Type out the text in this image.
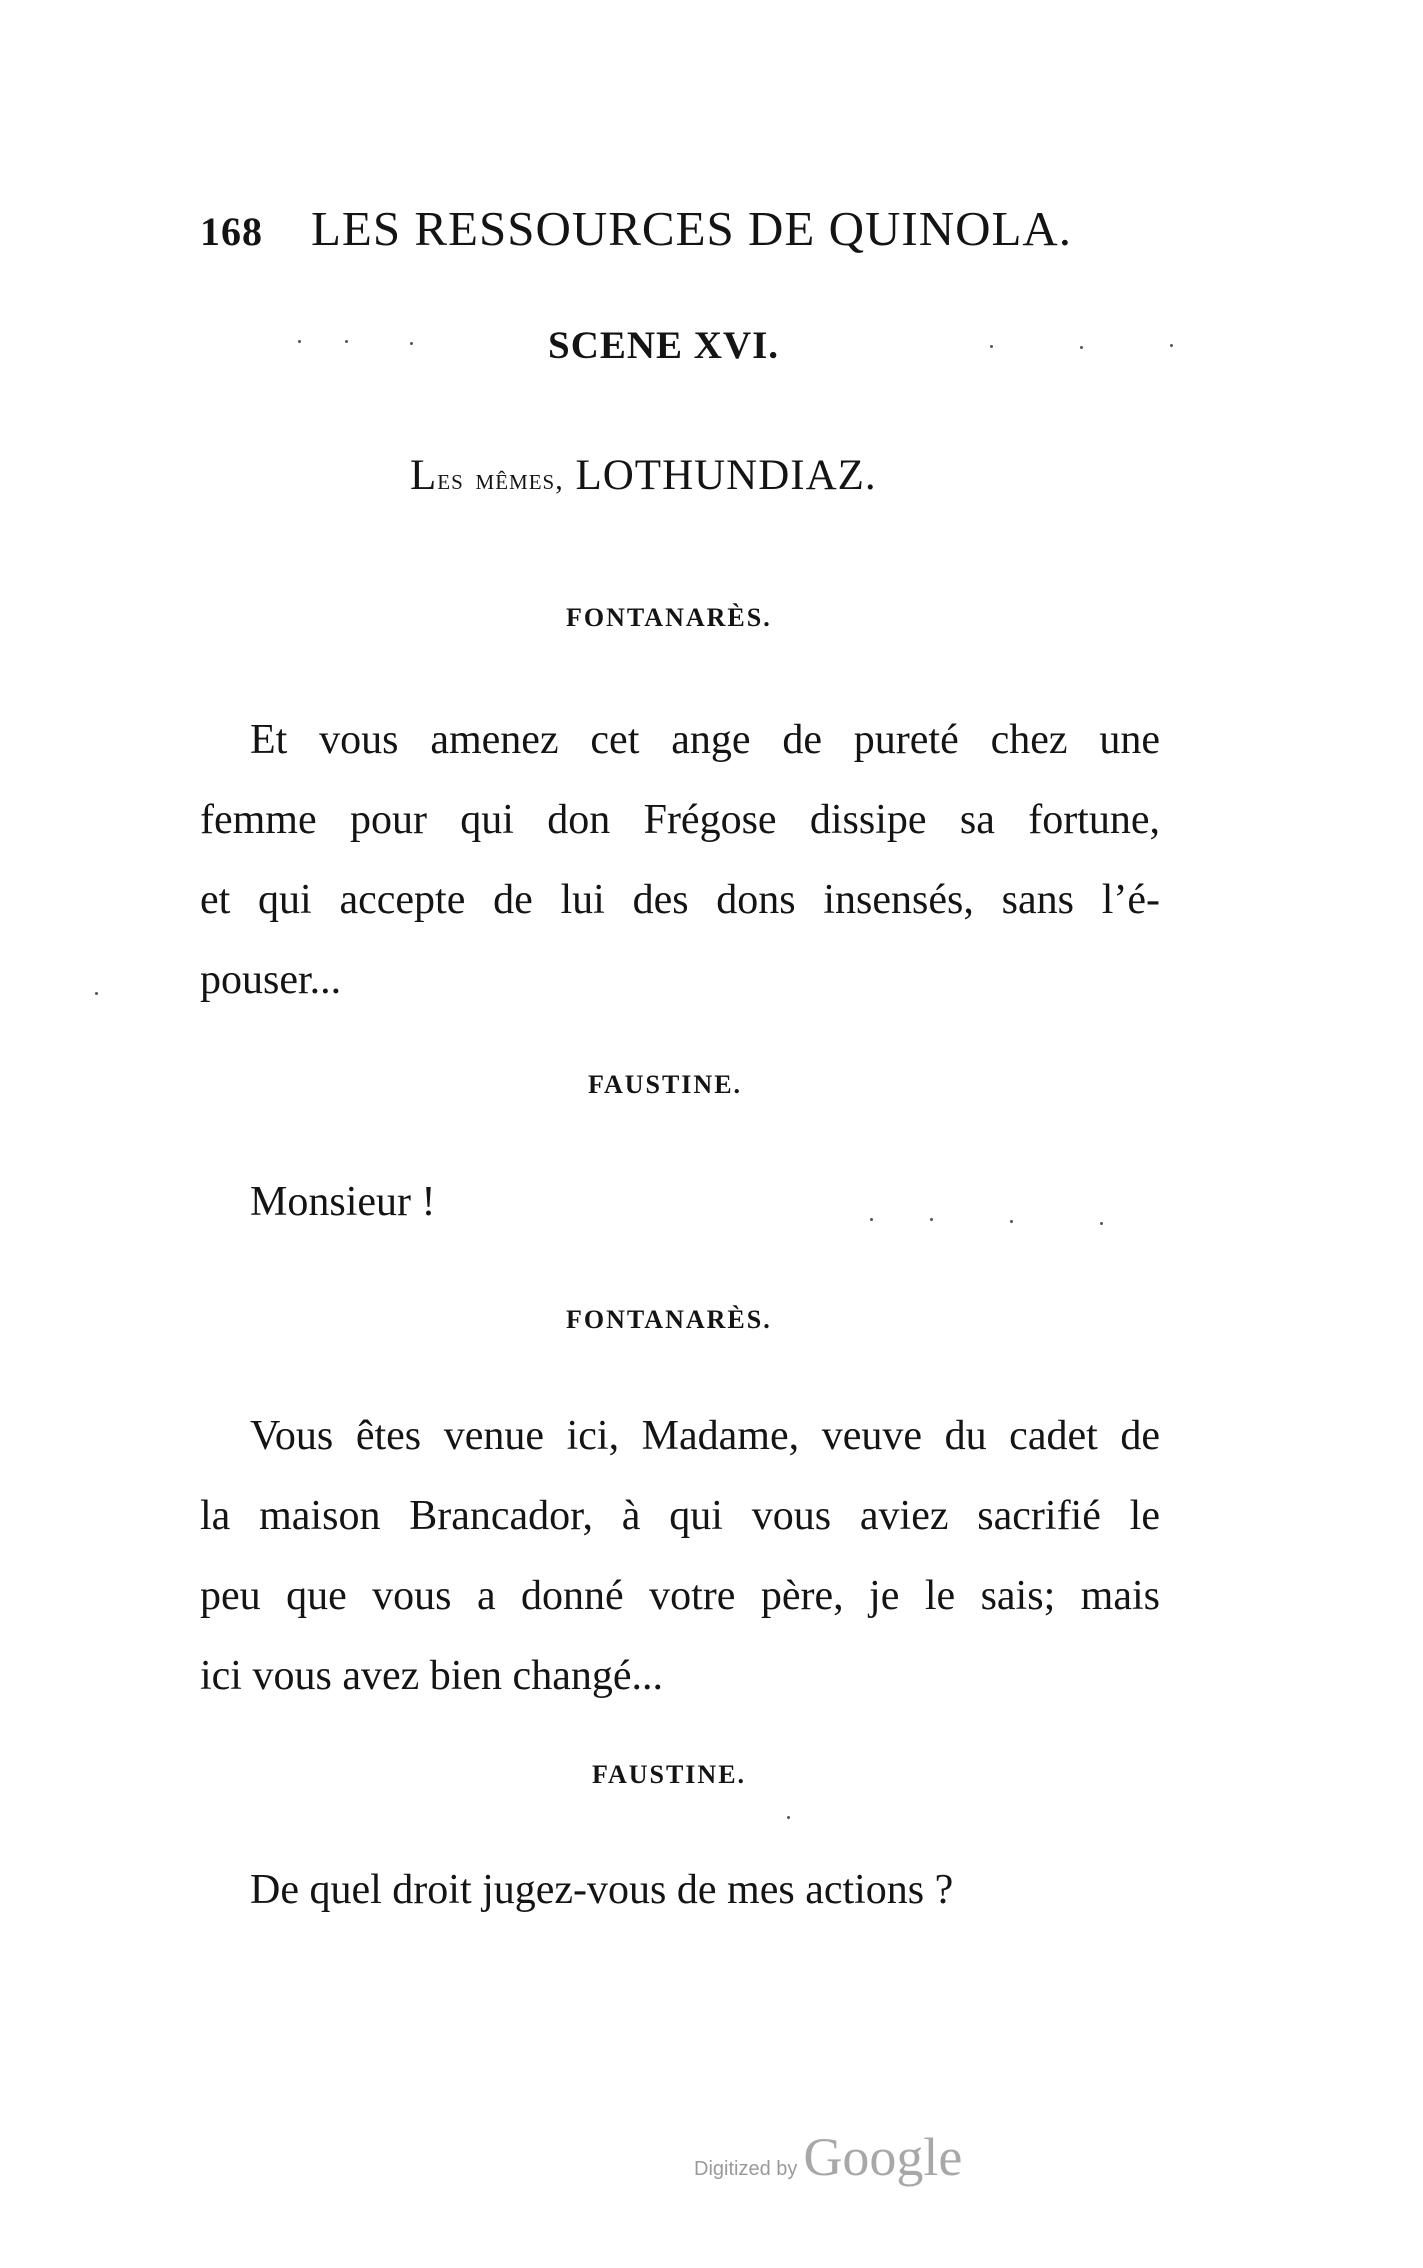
168 LES RESSOURCES DE QUINOLA.
SCENE XVI.
Les mêmes, LOTHUNDIAZ.
FONTANARÈS.
Et vous amenez cet ange de pureté chez une
femme pour qui don Frégose dissipe sa fortune,
et qui accepte de lui des dons insensés, sans l’é-
pouser...
FAUSTINE.
Monsieur !
FONTANARÈS.
Vous êtes venue ici, Madame, veuve du cadet de
la maison Brancador, à qui vous aviez sacrifié le
peu que vous a donné votre père, je le sais; mais
ici vous avez bien changé...
FAUSTINE.
De quel droit jugez-vous de mes actions ?
Digitized by Google
